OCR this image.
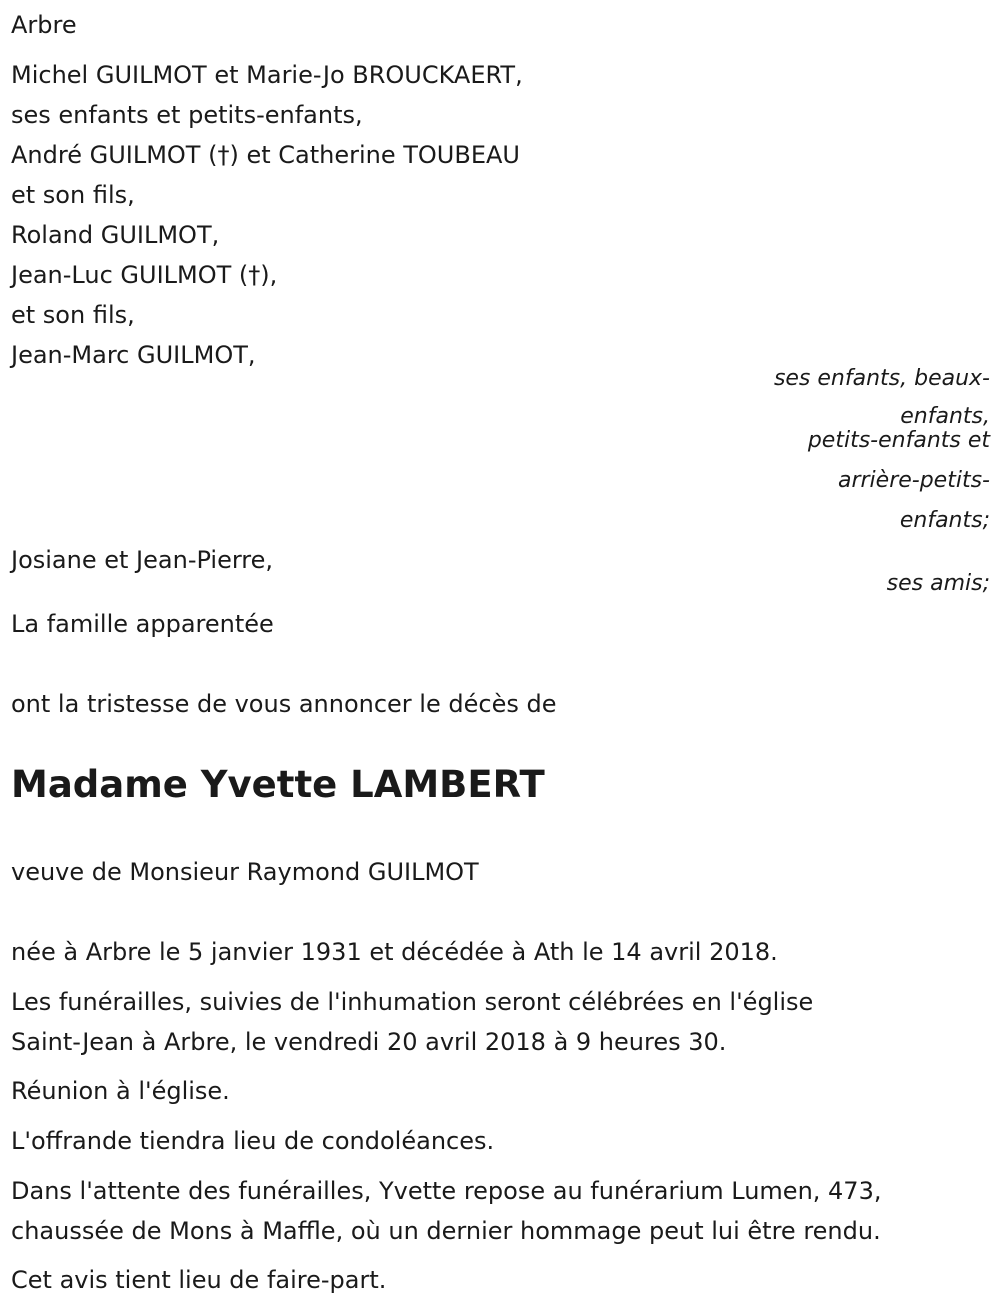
Arbre
Michel GUILMOT et Marie-Jo BROUCKAERT,
ses enfants et petits-enfants,
André GUILMOT (†) et Catherine TOUBEAU
et son fils,
Roland GUILMOT,
Jean-Luc GUILMOT (†),
et son fils,
Jean-Marc GUILMOT,
ses enfants, beaux-
enfants,
petits-enfants et
arrière-petits-
enfants;
Josiane et Jean-Pierre,
ses amis;
La famille apparentée
ont la tristesse de vous annoncer le décès de
Madame Yvette LAMBERT
veuve de Monsieur Raymond GUILMOT
née à Arbre le 5 janvier 1931 et décédée à Ath le 14 avril 2018.
Les funérailles, suivies de l'inhumation seront célébrées en l'église
Saint-Jean à Arbre, le vendredi 20 avril 2018 à 9 heures 30.
Réunion à l'église.
L'offrande tiendra lieu de condoléances.
Dans l'attente des funérailles, Yvette repose au funérarium Lumen, 473,
chaussée de Mons à Maffle, où un dernier hommage peut lui être rendu.
Cet avis tient lieu de faire-part.
